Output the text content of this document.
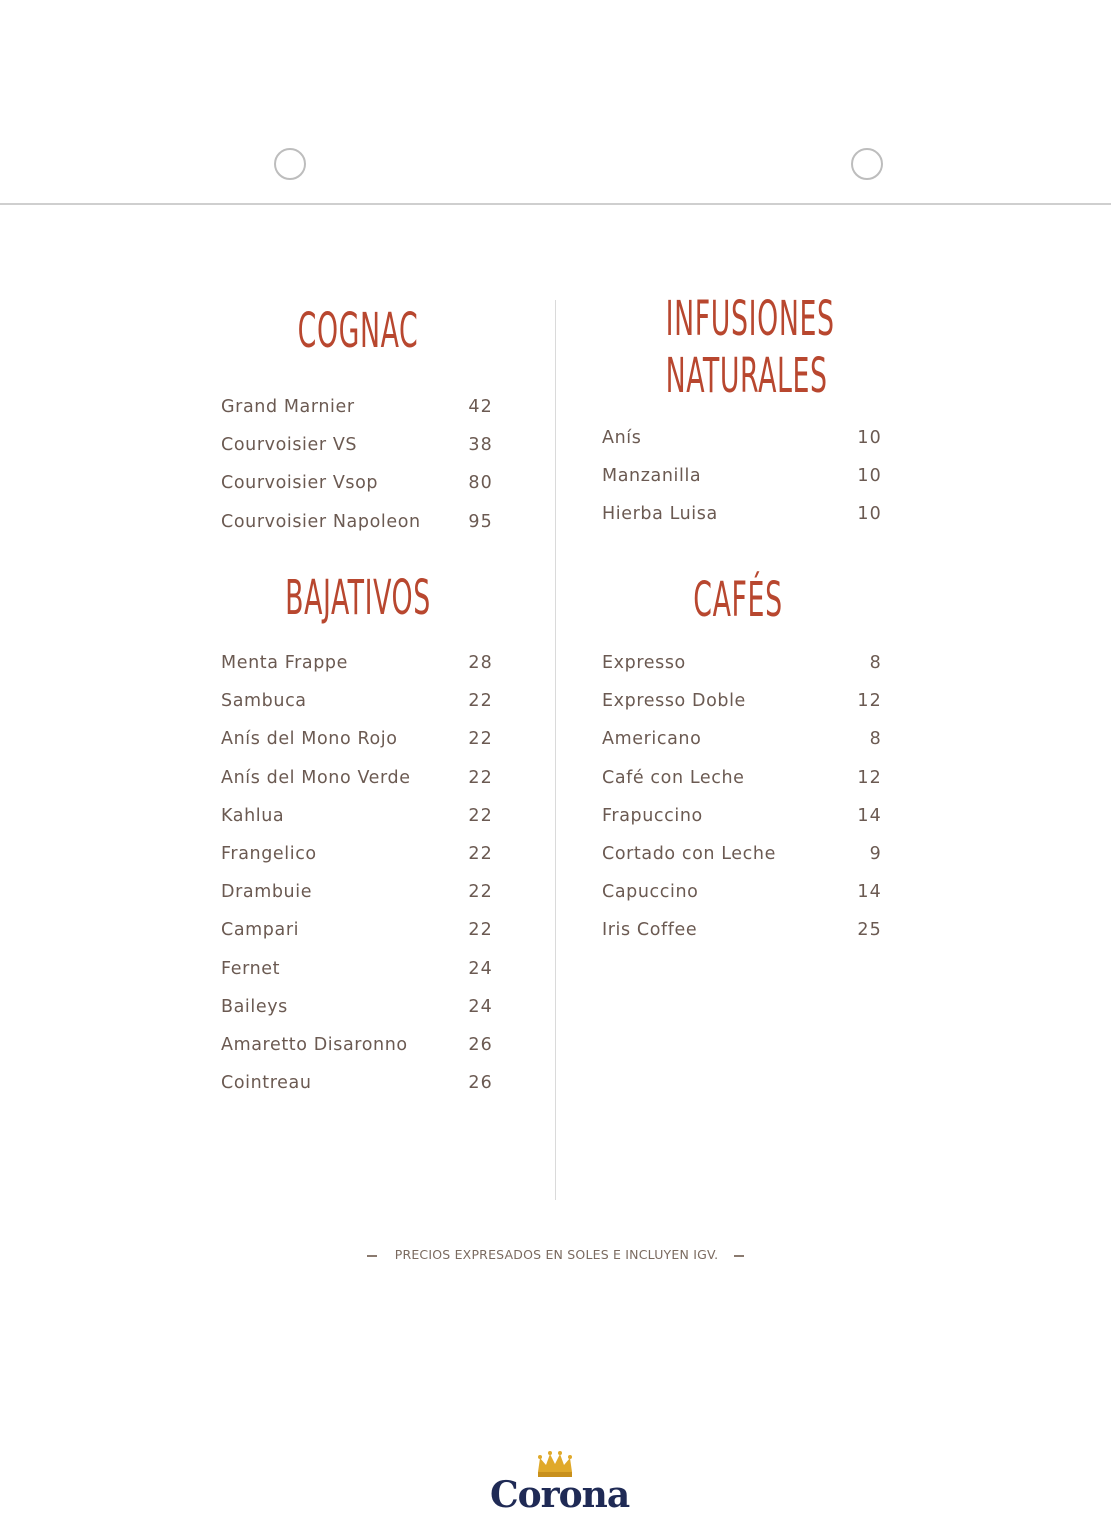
COGNAC
Grand Marnier	42
Courvoisier VS	38
Courvoisier Vsop	80
Courvoisier Napoleon	95
BAJATIVOS
Menta Frappe	28
Sambuca	22
Anís del Mono Rojo	22
Anís del Mono Verde	22
Kahlua	22
Frangelico	22
Drambuie	22
Campari	22
Fernet	24
Baileys	24
Amaretto Disaronno	26
Cointreau	26
INFUSIONES
NATURALES
Anís	10
Manzanilla	10
Hierba Luisa	10
CAFÉS
Expresso	8
Expresso Doble	12
Americano	8
Café con Leche	12
Frapuccino	14
Cortado con Leche	9
Capuccino	14
Iris Coffee	25
PRECIOS EXPRESADOS EN SOLES E INCLUYEN IGV.
Corona
